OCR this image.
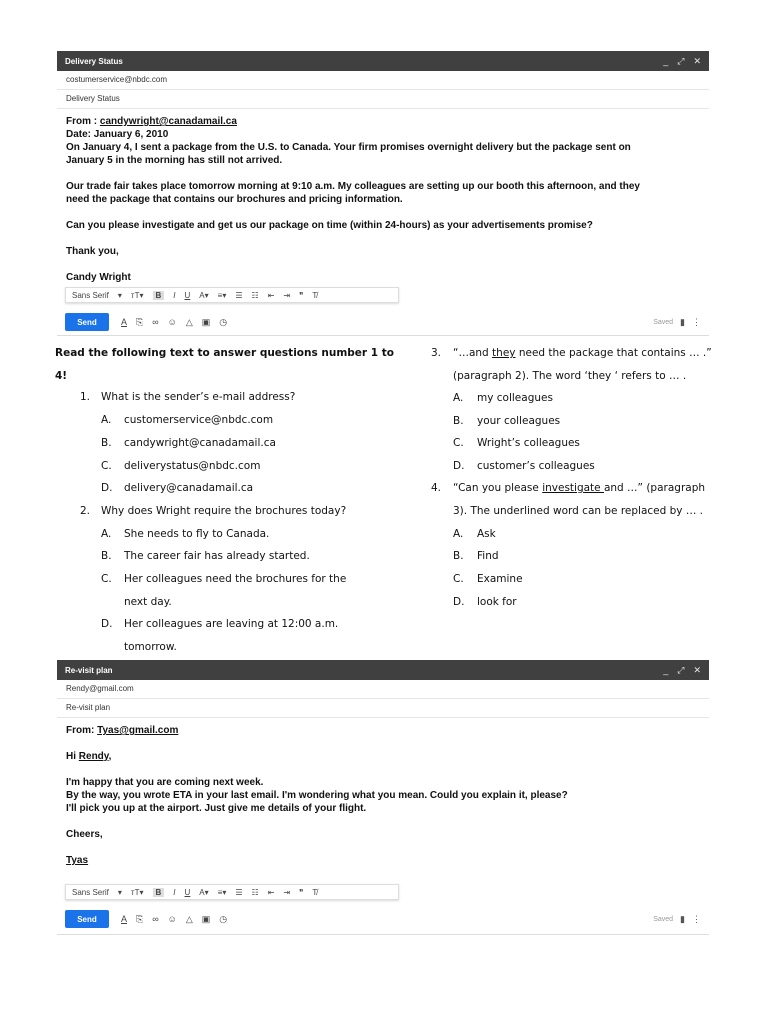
Delivery Status	_ ⤢ ✕
costumerservice@nbdc.com
Delivery Status

From : candywright@canadamail.ca

Date: January 6, 2010

On January 4, I sent a package from the U.S. to Canada. Your firm promises overnight delivery but the package sent on

January 5 in the morning has still not arrived.

Our trade fair takes place tomorrow morning at 9:10 a.m. My colleagues are setting up our booth this afternoon, and they

need the package that contains our brochures and pricing information.

Can you please investigate and get us our package on time (within 24-hours) as your advertisements promise?

Thank you,

Candy Wright

Sans Serif ▾ тT▾	B	I U A▾ ≡▾ ☰ ☷ ⇤ ⇥ ❞ T̸
Send	A ⎘ ∞ ☺ △ ▣ ◷	Saved ▮ ⋮
Read the following text to answer questions number 1 to
4!
1. What is the sender’s e-mail address?
A. customerservice@nbdc.com
B. candywright@canadamail.ca
C. deliverystatus@nbdc.com
D. delivery@canadamail.ca
2. Why does Wright require the brochures today?
A. She needs to fly to Canada.
B. The career fair has already started.
C. Her colleagues need the brochures for the
next day.
D. Her colleagues are leaving at 12:00 a.m.
tomorrow.
3. “…and they need the package that contains … .”
(paragraph 2). The word ‘they ‘ refers to … .
A. my colleagues
B. your colleagues
C. Wright’s colleagues
D. customer’s colleagues
4. “Can you please investigate and …” (paragraph
3). The underlined word can be replaced by … .
A. Ask
B. Find
C. Examine
D. look for
Re-visit plan	_ ⤢ ✕
Rendy@gmail.com
Re-visit plan

From: Tyas@gmail.com

Hi Rendy,

I'm happy that you are coming next week.

By the way, you wrote ETA in your last email. I'm wondering what you mean. Could you explain it, please?

I'll pick you up at the airport. Just give me details of your flight.

Cheers,

Tyas

Sans Serif ▾ тT▾	B	I U A▾ ≡▾ ☰ ☷ ⇤ ⇥ ❞ T̸
Send	A ⎘ ∞ ☺ △ ▣ ◷	Saved ▮ ⋮
